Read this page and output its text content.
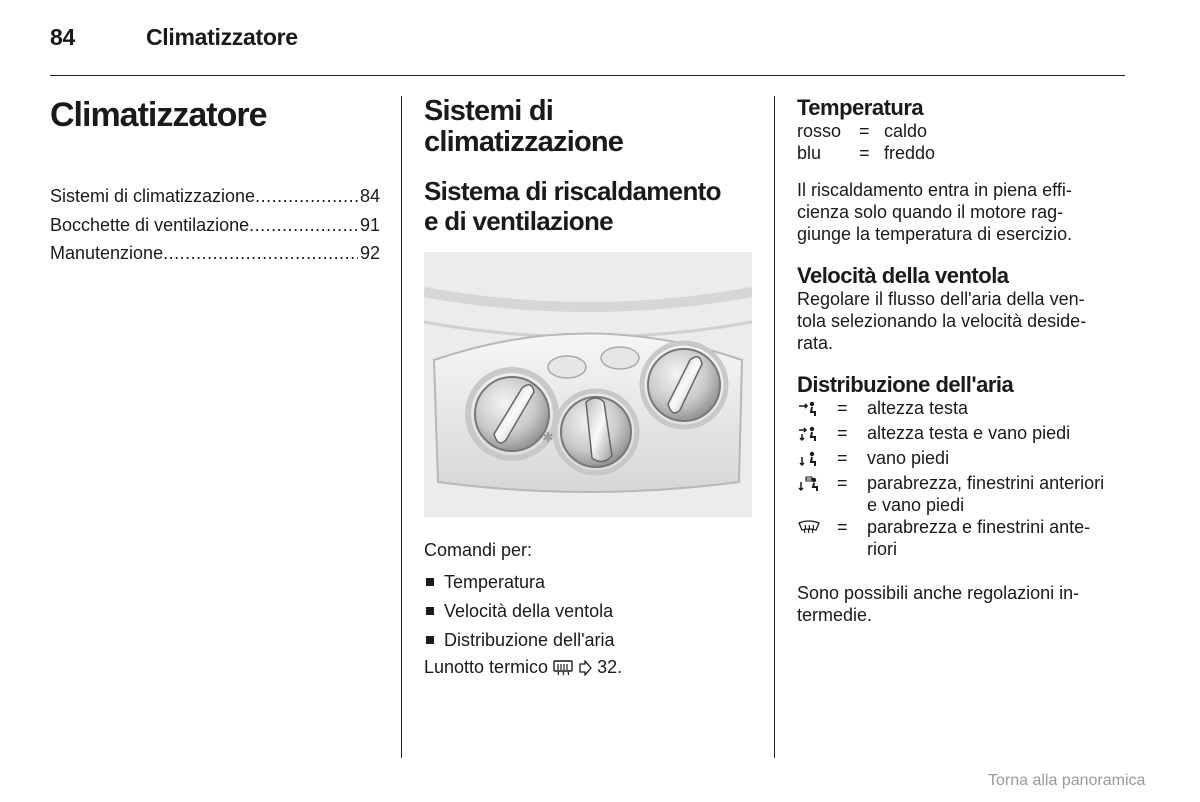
84	Climatizzatore
Climatizzatore
Sistemi di climatizzazione .....	84
Bocchette di ventilazione .....	91
Manutenzione .....	92
Sistemi di
climatizzazione
Sistema di riscaldamento
e di ventilazione
✱
Comandi per:
Temperatura
Velocità della ventola
Distribuzione dell'aria
Lunotto termico	32.
Temperatura
rosso	=	caldo
blu	=	freddo
Il riscaldamento entra in piena effi-
cienza solo quando il motore rag-
giunge la temperatura di esercizio.
Velocità della ventola
Regolare il flusso dell'aria della ven-
tola selezionando la velocità deside-
rata.
Distribuzione dell'aria
=	altezza testa
=	altezza testa e vano piedi
=	vano piedi
=	parabrezza, finestrini anteriori
e vano piedi
=	parabrezza e finestrini ante-
riori
Sono possibili anche regolazioni in-
termedie.
Torna alla panoramica
